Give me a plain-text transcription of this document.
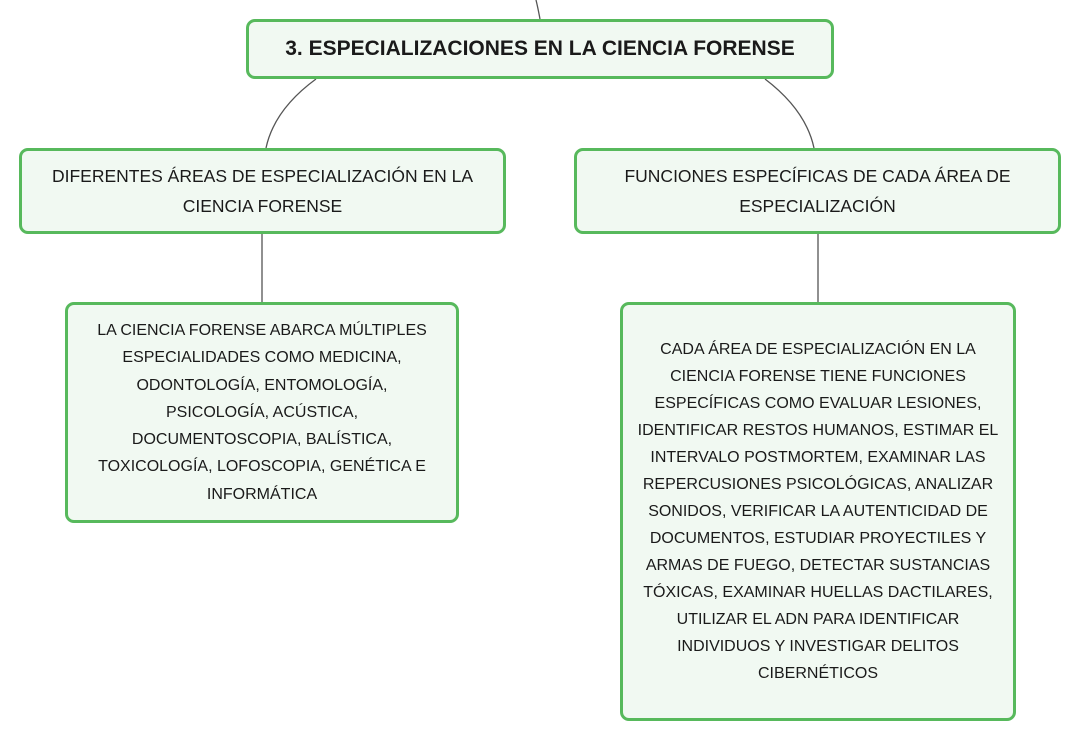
3. ESPECIALIZACIONES EN LA CIENCIA FORENSE
DIFERENTES ÁREAS DE ESPECIALIZACIÓN EN LA CIENCIA FORENSE
FUNCIONES ESPECÍFICAS DE CADA ÁREA DE ESPECIALIZACIÓN
LA CIENCIA FORENSE ABARCA MÚLTIPLES ESPECIALIDADES COMO MEDICINA, ODONTOLOGÍA, ENTOMOLOGÍA, PSICOLOGÍA, ACÚSTICA, DOCUMENTOSCOPIA, BALÍSTICA, TOXICOLOGÍA, LOFOSCOPIA, GENÉTICA E INFORMÁTICA
CADA ÁREA DE ESPECIALIZACIÓN EN LA CIENCIA FORENSE TIENE FUNCIONES ESPECÍFICAS COMO EVALUAR LESIONES, IDENTIFICAR RESTOS HUMANOS, ESTIMAR EL INTERVALO POSTMORTEM, EXAMINAR LAS REPERCUSIONES PSICOLÓGICAS, ANALIZAR SONIDOS, VERIFICAR LA AUTENTICIDAD DE DOCUMENTOS, ESTUDIAR PROYECTILES Y ARMAS DE FUEGO, DETECTAR SUSTANCIAS TÓXICAS, EXAMINAR HUELLAS DACTILARES, UTILIZAR EL ADN PARA IDENTIFICAR INDIVIDUOS Y INVESTIGAR DELITOS CIBERNÉTICOS
